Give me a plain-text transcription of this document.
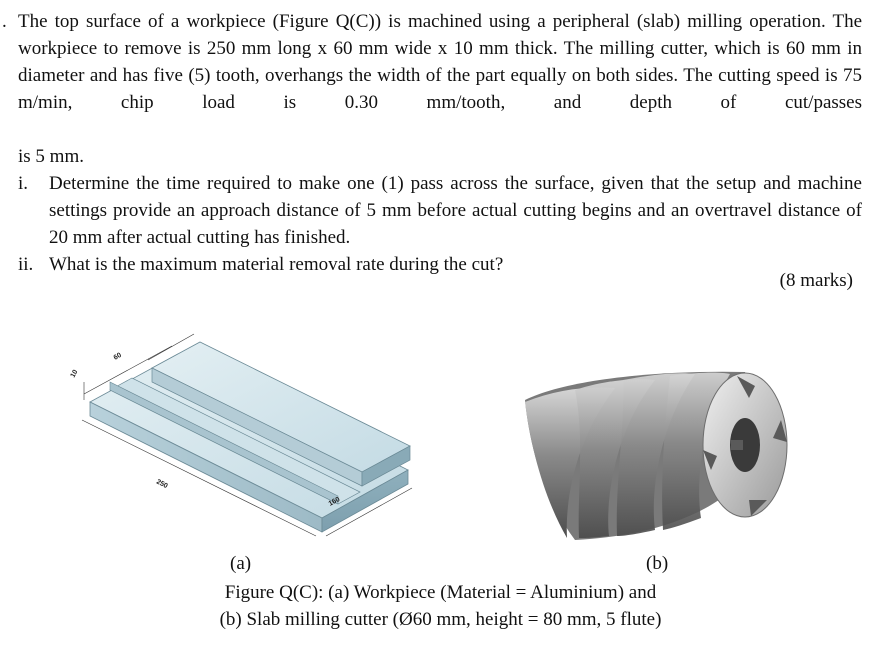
. The top surface of a workpiece (Figure Q(C)) is machined using a peripheral (slab) milling operation. The workpiece to remove is 250 mm long x 60 mm wide x 10 mm thick. The milling cutter, which is 60 mm in diameter and has five (5) tooth, overhangs the width of the part equally on both sides. The cutting speed is 75 m/min, chip load is 0.30 mm/tooth, and depth of cut/passes
is 5 mm.
i. Determine the time required to make one (1) pass across the surface, given that the setup and machine settings provide an approach distance of 5 mm before actual cutting begins and an overtravel distance of 20 mm after actual cutting has finished.
ii. What is the maximum material removal rate during the cut?
(8 marks)
10
60
250
160
(a)	(b)
Figure Q(C): (a) Workpiece (Material = Aluminium) and
(b) Slab milling cutter (Ø60 mm, height = 80 mm, 5 flute)
